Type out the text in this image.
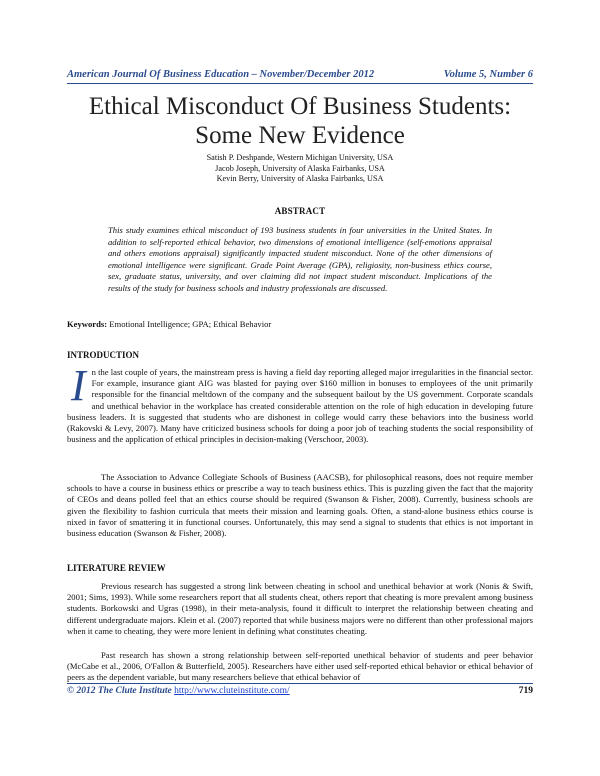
American Journal Of Business Education – November/December 2012	Volume 5, Number 6
Ethical Misconduct Of Business Students:
Some New Evidence
Satish P. Deshpande, Western Michigan University, USA
Jacob Joseph, University of Alaska Fairbanks, USA
Kevin Berry, University of Alaska Fairbanks, USA
ABSTRACT
This study examines ethical misconduct of 193 business students in four universities in the United States. In addition to self-reported ethical behavior, two dimensions of emotional intelligence (self-emotions appraisal and others emotions appraisal) significantly impacted student misconduct. None of the other dimensions of emotional intelligence were significant. Grade Point Average (GPA), religiosity, non-business ethics course, sex, graduate status, university, and over claiming did not impact student misconduct. Implications of the results of the study for business schools and industry professionals are discussed.
Keywords: Emotional Intelligence; GPA; Ethical Behavior
INTRODUCTION
In the last couple of years, the mainstream press is having a field day reporting alleged major irregularities in the financial sector. For example, insurance giant AIG was blasted for paying over $160 million in bonuses to employees of the unit primarily responsible for the financial meltdown of the company and the subsequent bailout by the US government. Corporate scandals and unethical behavior in the workplace has created considerable attention on the role of high education in developing future business leaders. It is suggested that students who are dishonest in college would carry these behaviors into the business world (Rakovski & Levy, 2007). Many have criticized business schools for doing a poor job of teaching students the social responsibility of business and the application of ethical principles in decision-making (Verschoor, 2003).
The Association to Advance Collegiate Schools of Business (AACSB), for philosophical reasons, does not require member schools to have a course in business ethics or prescribe a way to teach business ethics. This is puzzling given the fact that the majority of CEOs and deans polled feel that an ethics course should be required (Swanson & Fisher, 2008). Currently, business schools are given the flexibility to fashion curricula that meets their mission and learning goals. Often, a stand-alone business ethics course is nixed in favor of smattering it in functional courses. Unfortunately, this may send a signal to students that ethics is not important in business education (Swanson & Fisher, 2008).
LITERATURE REVIEW
Previous research has suggested a strong link between cheating in school and unethical behavior at work (Nonis & Swift, 2001; Sims, 1993). While some researchers report that all students cheat, others report that cheating is more prevalent among business students. Borkowski and Ugras (1998), in their meta-analysis, found it difficult to interpret the relationship between cheating and different undergraduate majors. Klein et al. (2007) reported that while business majors were no different than other professional majors when it came to cheating, they were more lenient in defining what constitutes cheating.
Past research has shown a strong relationship between self-reported unethical behavior of students and peer behavior (McCabe et al., 2006, O'Fallon & Butterfield, 2005). Researchers have either used self-reported ethical behavior or ethical behavior of peers as the dependent variable, but many researchers believe that ethical behavior of
© 2012 The Clute Institute http://www.cluteinstitute.com/	719
